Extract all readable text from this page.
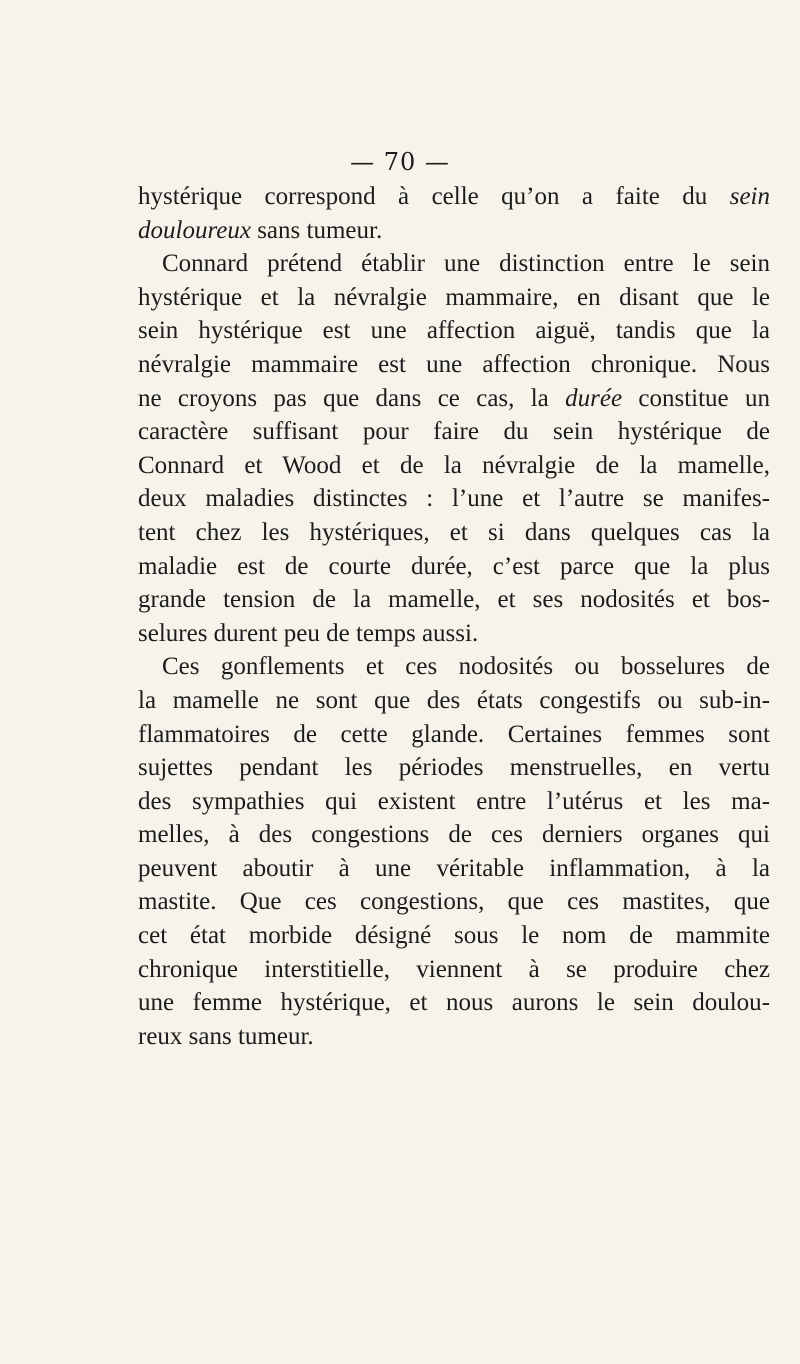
— 70 —
hystérique correspond à celle qu’on a faite du sein
douloureux sans tumeur.
Connard prétend établir une distinction entre le sein
hystérique et la névralgie mammaire, en disant que le
sein hystérique est une affection aiguë, tandis que la
névralgie mammaire est une affection chronique. Nous
ne croyons pas que dans ce cas, la durée constitue un
caractère suffisant pour faire du sein hystérique de
Connard et Wood et de la névralgie de la mamelle,
deux maladies distinctes : l’une et l’autre se manifes-
tent chez les hystériques, et si dans quelques cas la
maladie est de courte durée, c’est parce que la plus
grande tension de la mamelle, et ses nodosités et bos-
selures durent peu de temps aussi.
Ces gonflements et ces nodosités ou bosselures de
la mamelle ne sont que des états congestifs ou sub-in-
flammatoires de cette glande. Certaines femmes sont
sujettes pendant les périodes menstruelles, en vertu
des sympathies qui existent entre l’utérus et les ma-
melles, à des congestions de ces derniers organes qui
peuvent aboutir à une véritable inflammation, à la
mastite. Que ces congestions, que ces mastites, que
cet état morbide désigné sous le nom de mammite
chronique interstitielle, viennent à se produire chez
une femme hystérique, et nous aurons le sein doulou-
reux sans tumeur.
